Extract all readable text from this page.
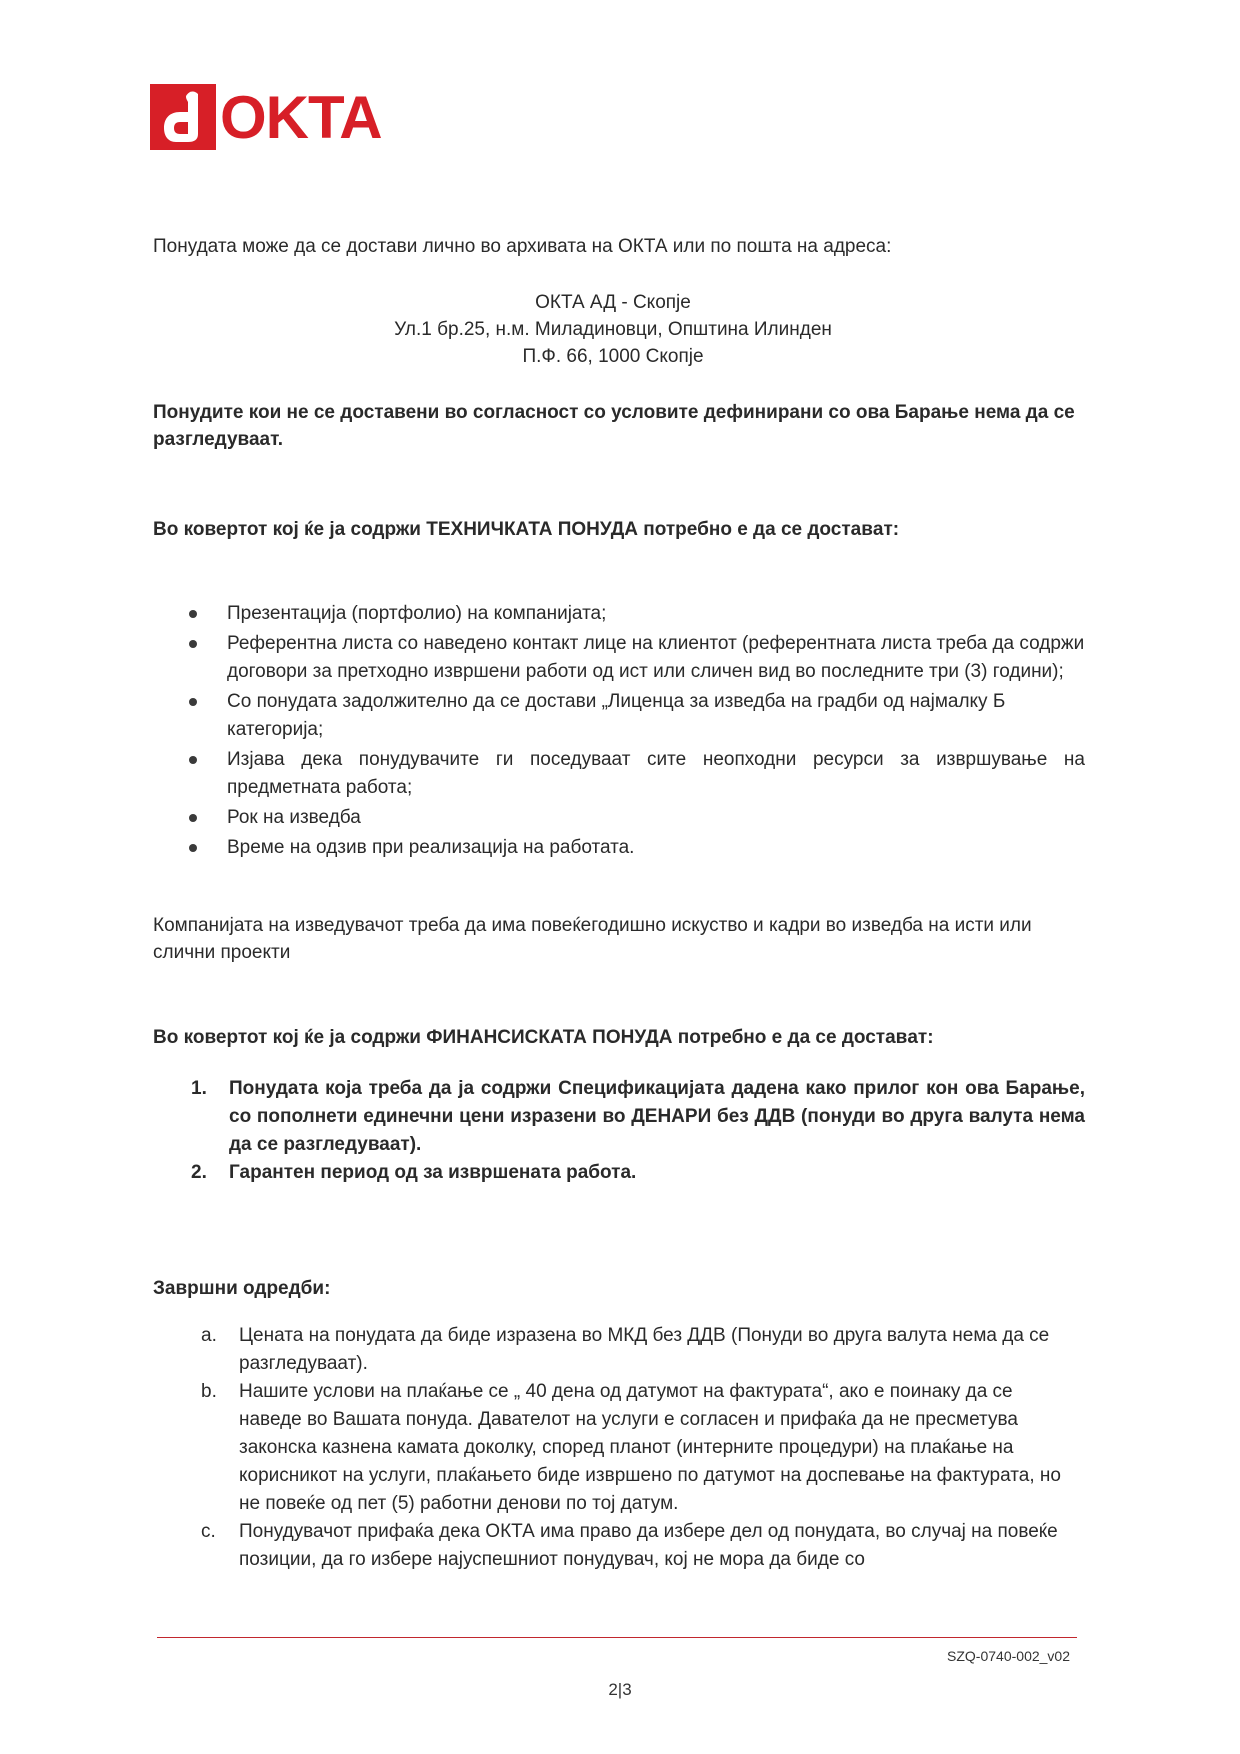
OKTA
Понудата може да се достави лично во архивата на ОКТА или по пошта на адреса:
ОКТА АД - Скопје
Ул.1 бр.25, н.м. Миладиновци, Општина Илинден
П.Ф. 66, 1000 Скопје
Понудите кои не се доставени во согласност со условите дефинирани со ова Барање нема да се разгледуваат.
Во ковертот кој ќе ја содржи ТЕХНИЧКАТА ПОНУДА потребно е да се доставaт:
Презентација (портфолио) на компанијата;
Референтна листа со наведено контакт лице на клиентот (референтната листа треба да содржи договори за претходно извршени работи од ист или сличен вид во последните три (3) години);
Со понудата задолжително да се достави „Лиценца за изведба на градби од најмалку Б категорија;
Изјава дека понудувачите ги поседуваат сите неопходни ресурси за извршување на предметната работа;
Рок на изведба
Време на одзив при реализација на работата.
Компанијата на изведувачот треба да има повеќегодишно искуство и кадри во изведба на исти или слични проекти
Во ковертот кој ќе ја содржи ФИНАНСИСКАТА ПОНУДА потребно е да се доставaт:
1. Понудата која треба да ја содржи Спецификацијата дадена како прилог кон ова Барање, со пополнети единечни цени изразени во ДЕНАРИ без ДДВ (понуди во друга валута нема да се разгледуваат).
2. Гарантен период од за извршената работа.
Завршни одредби:
a. Цената на понудата да биде изразена во МКД без ДДВ (Понуди во друга валута нема да се разгледуваат).
b. Нашите услови на плаќање се „ 40 дена од датумот на фактурата“, ако е поинаку да се наведе во Вашата понуда. Давателот на услуги е согласен и прифаќа да не пресметува законска казнена камата доколку, според планот (интерните процедури) на плаќање на корисникот на услуги, плаќањето биде извршено по датумот на доспевање на фактурата, но не повеќе од пет (5) работни денови по тој датум.
c. Понудувачот прифаќа дека ОКТА има право да избере дел од понудата, во случај на повеќе позиции, да го избере најуспешниот понудувач, кој не мора да биде со
SZQ-0740-002_v02
2|3
